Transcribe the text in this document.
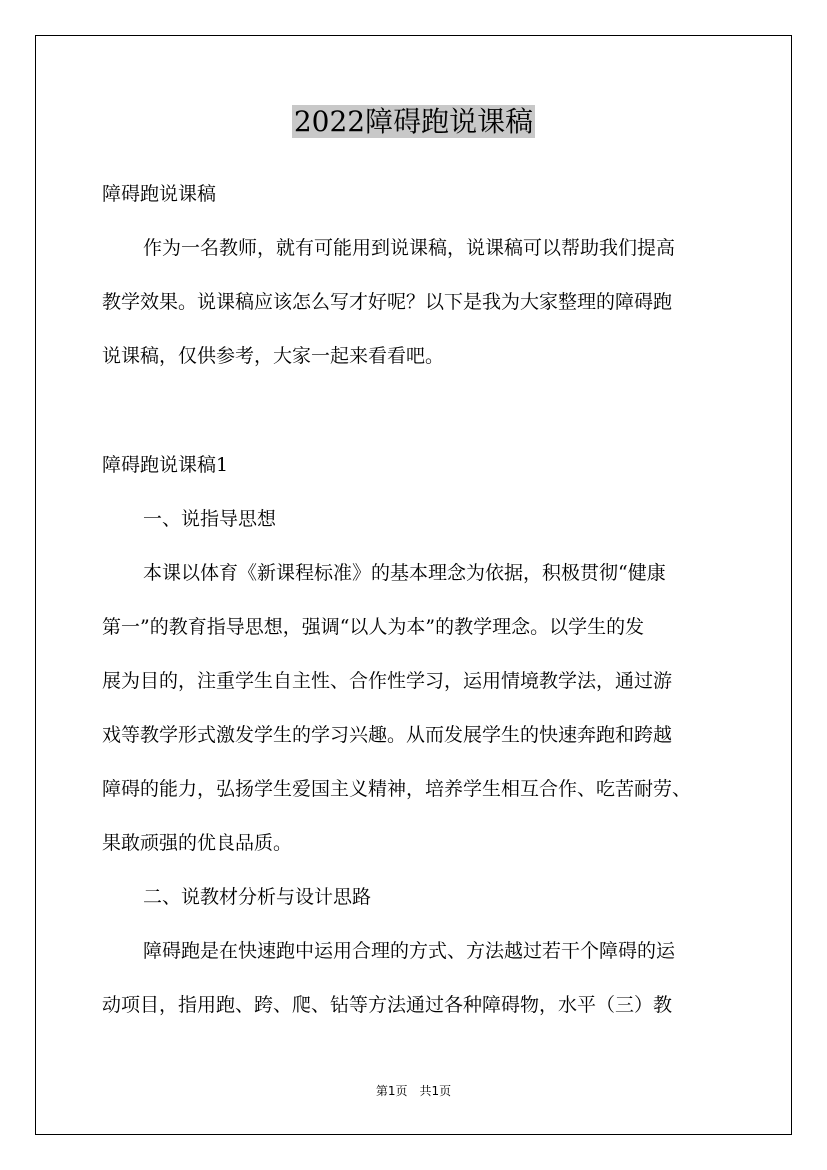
2022障碍跑说课稿
障碍跑说课稿
作为一名教师，就有可能用到说课稿，说课稿可以帮助我们提高
教学效果。说课稿应该怎么写才好呢？以下是我为大家整理的障碍跑
说课稿，仅供参考，大家一起来看看吧。
障碍跑说课稿1
一、说指导思想
本课以体育《新课程标准》的基本理念为依据，积极贯彻“健康
第一”的教育指导思想，强调“以人为本”的教学理念。以学生的发
展为目的，注重学生自主性、合作性学习，运用情境教学法，通过游
戏等教学形式激发学生的学习兴趣。从而发展学生的快速奔跑和跨越
障碍的能力，弘扬学生爱国主义精神，培养学生相互合作、吃苦耐劳、
果敢顽强的优良品质。
二、说教材分析与设计思路
障碍跑是在快速跑中运用合理的方式、方法越过若干个障碍的运
动项目，指用跑、跨、爬、钻等方法通过各种障碍物，水平（三）教
第1页　共1页
